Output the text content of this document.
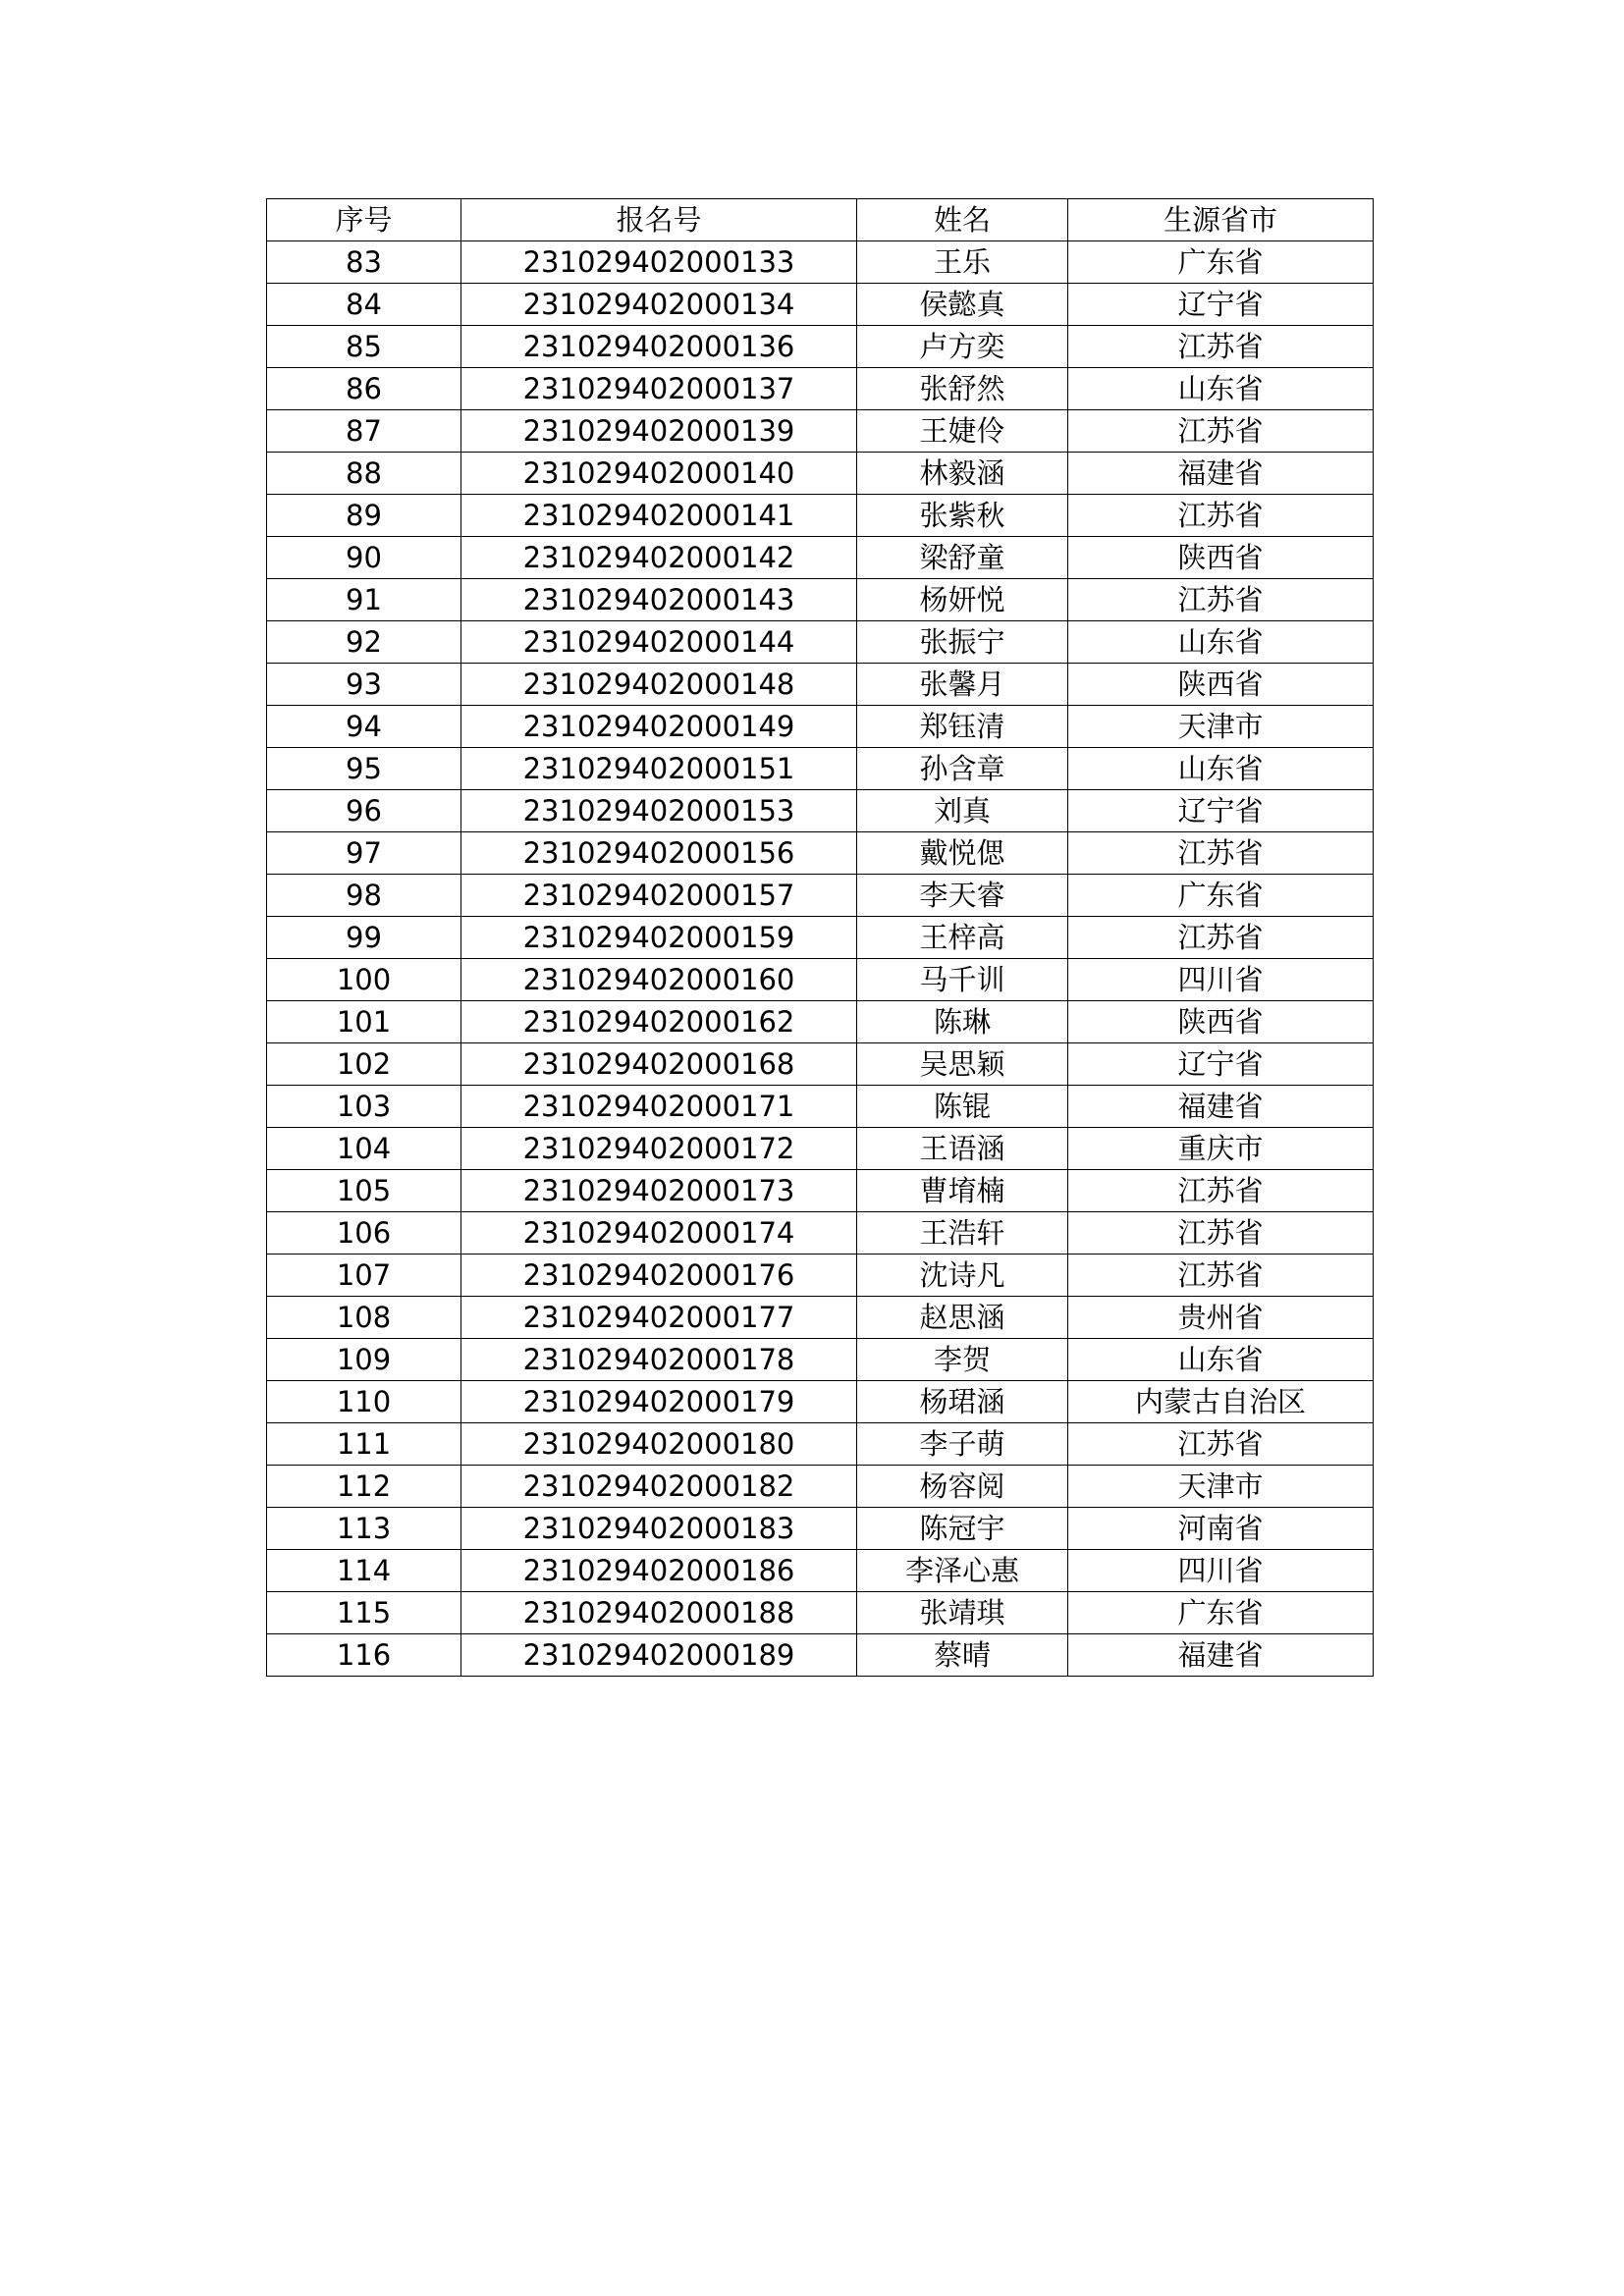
序号	报名号	姓名	生源省市
83	231029402000133	王乐	广东省
84	231029402000134	侯懿真	辽宁省
85	231029402000136	卢方奕	江苏省
86	231029402000137	张舒然	山东省
87	231029402000139	王婕伶	江苏省
88	231029402000140	林毅涵	福建省
89	231029402000141	张紫秋	江苏省
90	231029402000142	梁舒童	陕西省
91	231029402000143	杨妍悦	江苏省
92	231029402000144	张振宁	山东省
93	231029402000148	张馨月	陕西省
94	231029402000149	郑钰清	天津市
95	231029402000151	孙含章	山东省
96	231029402000153	刘真	辽宁省
97	231029402000156	戴悦偲	江苏省
98	231029402000157	李天睿	广东省
99	231029402000159	王梓高	江苏省
100	231029402000160	马千训	四川省
101	231029402000162	陈琳	陕西省
102	231029402000168	吴思颖	辽宁省
103	231029402000171	陈锟	福建省
104	231029402000172	王语涵	重庆市
105	231029402000173	曹堉楠	江苏省
106	231029402000174	王浩轩	江苏省
107	231029402000176	沈诗凡	江苏省
108	231029402000177	赵思涵	贵州省
109	231029402000178	李贺	山东省
110	231029402000179	杨珺涵	内蒙古自治区
111	231029402000180	李子萌	江苏省
112	231029402000182	杨容阅	天津市
113	231029402000183	陈冠宇	河南省
114	231029402000186	李泽心惠	四川省
115	231029402000188	张靖琪	广东省
116	231029402000189	蔡晴	福建省
